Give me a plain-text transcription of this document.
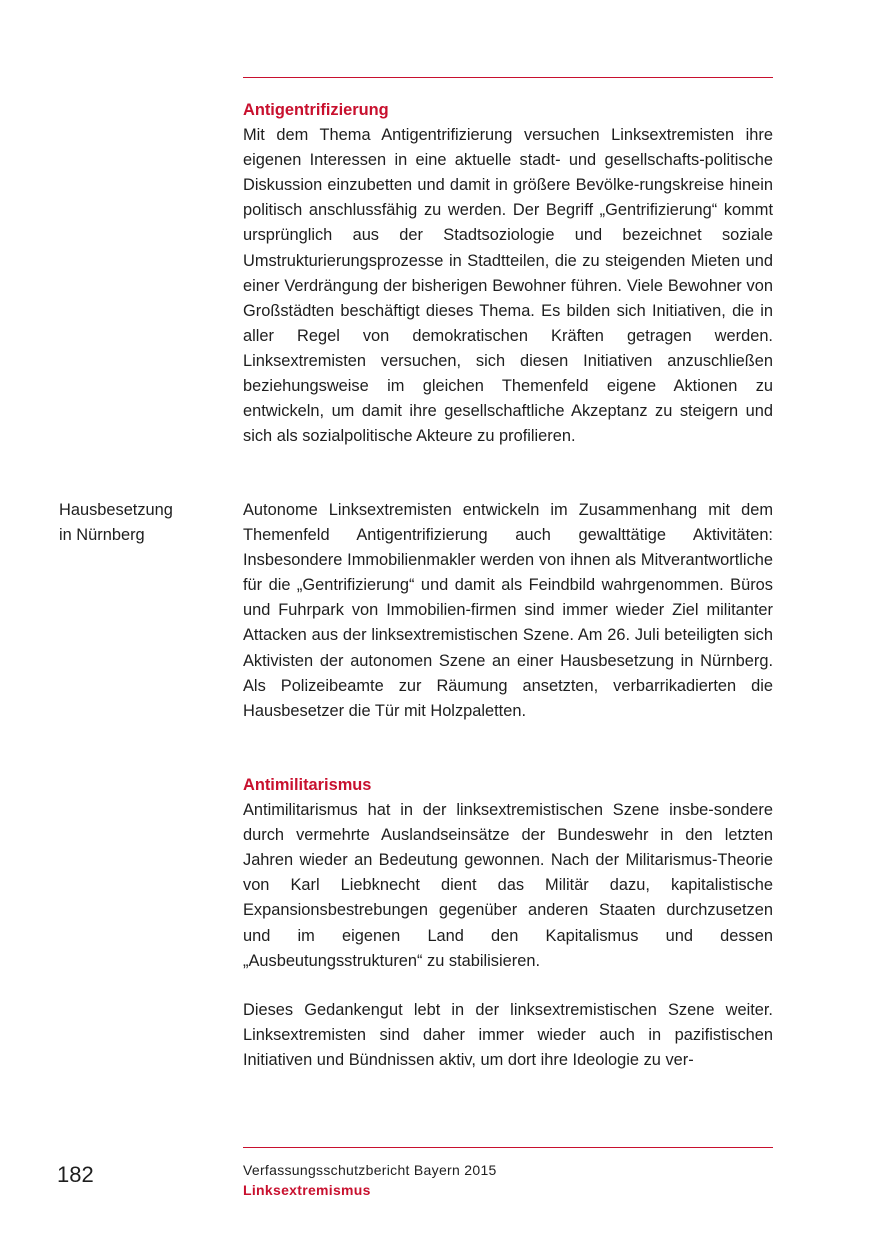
Antigentrifizierung

Mit dem Thema Antigentrifizierung versuchen Linksextremisten ihre eigenen Interessen in eine aktuelle stadt- und gesellschafts-politische Diskussion einzubetten und damit in größere Bevölke-rungskreise hinein politisch anschlussfähig zu werden. Der Begriff „Gentrifizierung“ kommt ursprünglich aus der Stadtsoziologie und bezeichnet soziale Umstrukturierungsprozesse in Stadtteilen, die zu steigenden Mieten und einer Verdrängung der bisherigen Bewohner führen. Viele Bewohner von Großstädten beschäftigt dieses Thema. Es bilden sich Initiativen, die in aller Regel von demokratischen Kräften getragen werden. Linksextremisten versuchen, sich diesen Initiativen anzuschließen beziehungsweise im gleichen Themenfeld eigene Aktionen zu entwickeln, um damit ihre gesellschaftliche Akzeptanz zu steigern und sich als sozialpolitische Akteure zu profilieren.

Hausbesetzung
in Nürnberg

Autonome Linksextremisten entwickeln im Zusammenhang mit dem Themenfeld Antigentrifizierung auch gewalttätige Aktivitäten: Insbesondere Immobilienmakler werden von ihnen als Mitverantwortliche für die „Gentrifizierung“ und damit als Feindbild wahrgenommen. Büros und Fuhrpark von Immobilien-firmen sind immer wieder Ziel militanter Attacken aus der linksextremistischen Szene. Am 26. Juli beteiligten sich Aktivisten der autonomen Szene an einer Hausbesetzung in Nürnberg. Als Polizeibeamte zur Räumung ansetzten, verbarrikadierten die Hausbesetzer die Tür mit Holzpaletten.

Antimilitarismus

Antimilitarismus hat in der linksextremistischen Szene insbe-sondere durch vermehrte Auslandseinsätze der Bundeswehr in den letzten Jahren wieder an Bedeutung gewonnen. Nach der Militarismus-Theorie von Karl Liebknecht dient das Militär dazu, kapitalistische Expansionsbestrebungen gegenüber anderen Staaten durchzusetzen und im eigenen Land den Kapitalismus und dessen „Ausbeutungsstrukturen“ zu stabilisieren.

Dieses Gedankengut lebt in der linksextremistischen Szene weiter. Linksextremisten sind daher immer wieder auch in pazifistischen Initiativen und Bündnissen aktiv, um dort ihre Ideologie zu ver-

182	Verfassungsschutzbericht Bayern 2015
Linksextremismus
